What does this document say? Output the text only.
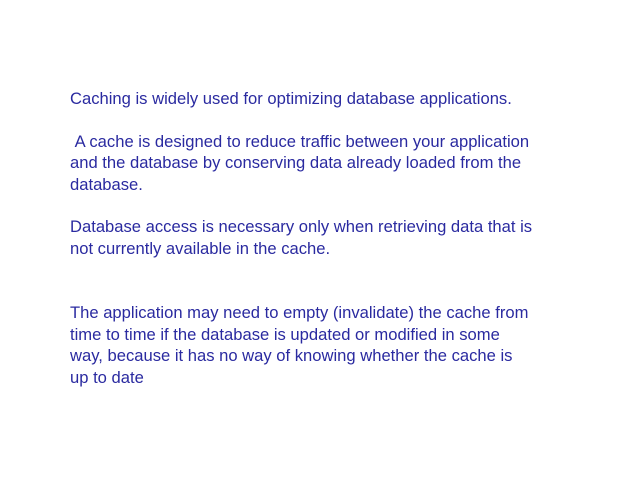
Caching is widely used for optimizing database applications.

A cache is designed to reduce traffic between your application
and the database by conserving data already loaded from the
database.

Database access is necessary only when retrieving data that is
not currently available in the cache.

The application may need to empty (invalidate) the cache from
time to time if the database is updated or modified in some
way, because it has no way of knowing whether the cache is
up to date
